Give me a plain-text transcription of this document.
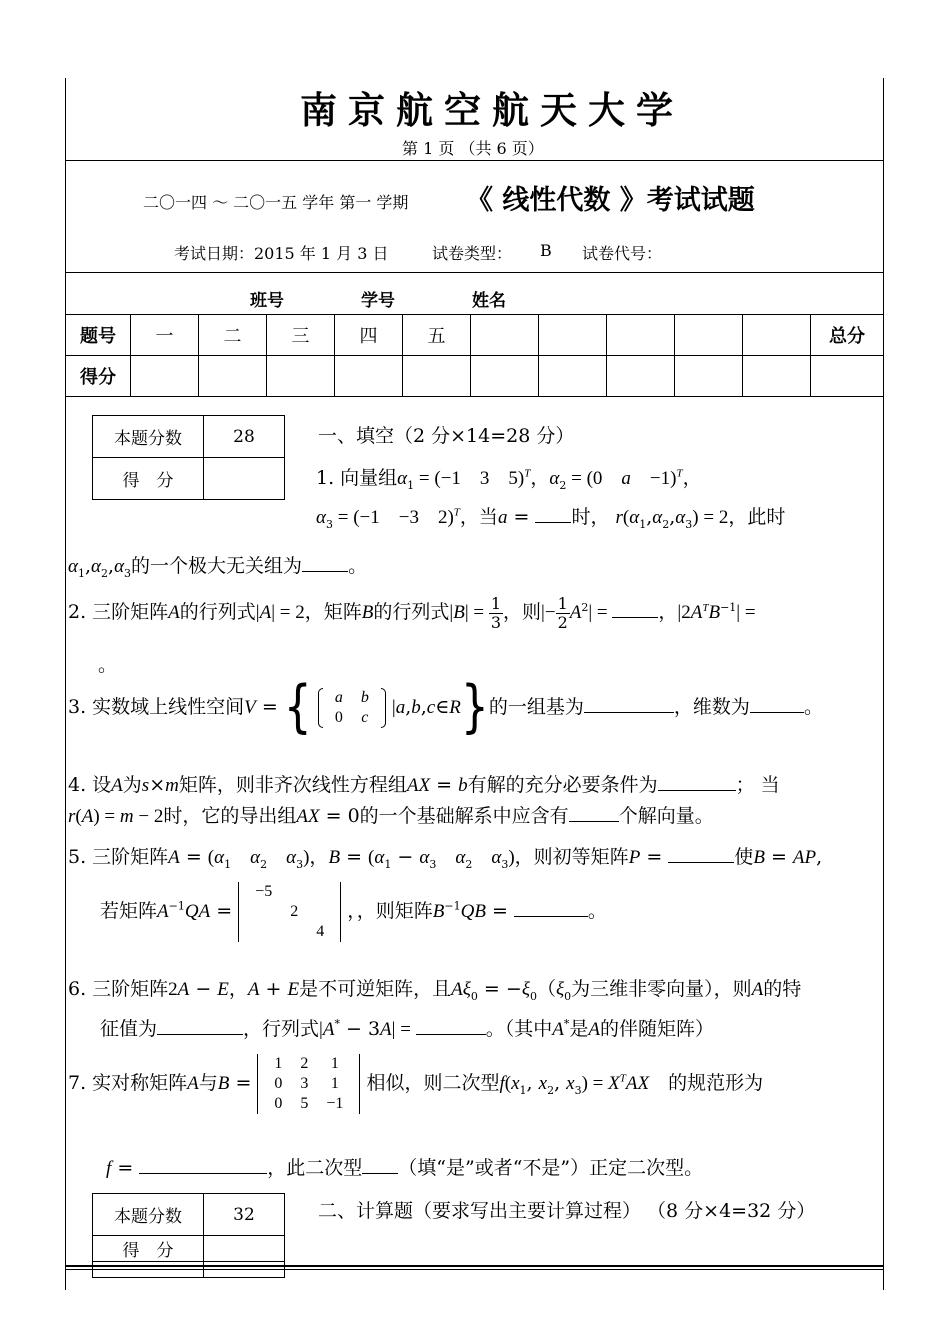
南京航空航天大学
第 1 页 （共 6 页）
二〇一四 ～ 二〇一五 学年 第一 学期 《 线性代数 》考试试题
考试日期：2015 年 1 月 3 日	试卷类型： B 试卷代号：
班号	学号	姓名
题号	一	二	三	四	五						总分
得分											
本题分数	28
得　分	
一、填空（2 分×14=28 分）
1. 向量组$\alpha_1 = (-1$　3　5)$^T$，$\alpha_2 = (0$　a　−1)$^T$，
$\alpha_3 = (-1$　−3　2)$^T$，当a = 时， $r(\alpha_1,\alpha_2,\alpha_3) = 2$，此时
$\alpha_1,\alpha_2,\alpha_3$的一个极大无关组为 。
2. 三阶矩阵A的行列式|A| = 2，矩阵B的行列式$|B| = \frac{1}{3}$ ，则|− $\frac{1}{2} A^2|$ = ，$|2A^TB^{-1}|$ =
。
3. 实数域上线性空间V = { a	b
0	c |a,b,c∈R}的一组基为	，维数为	。
4. 设A为s×m矩阵，则非齐次线性方程组AX = b有解的充分必要条件为	； 当
r(A) = m − 2时，它的导出组AX = 0的一个基础解系中应含有	个解向量。
5. 三阶矩阵$A = (\alpha_1$　 $\alpha_2$　 $\alpha_3$)，$B = (\alpha_1 - \alpha_3$　 $\alpha_2$　 $\alpha_3$)，则初等矩阵P =	使B = AP,
若矩阵$A^{-1}QA$ =
−5		
	2	
		4
，，则矩阵$B^{-1}QB$ =	。
6. 三阶矩阵2A − E，A + E是不可逆矩阵，且$A\xi_0 = -\xi_0(\xi_0$为三维非零向量），则A的特
征值为	，行列式|A* − 3A| =	。（其中A*是A的伴随矩阵）
7. 实对称矩阵A与B =
1	2	1
0	3	1
0	5	−1
相似，则二次型$f(x_1$, $x_2$, $x_3) = X^TAX$　 的规范形为
f =	，此二次型 （填“是”或者“不是”）正定二次型。
本题分数	32
得　分	

二、计算题（要求写出主要计算过程） （8 分×4=32 分）
